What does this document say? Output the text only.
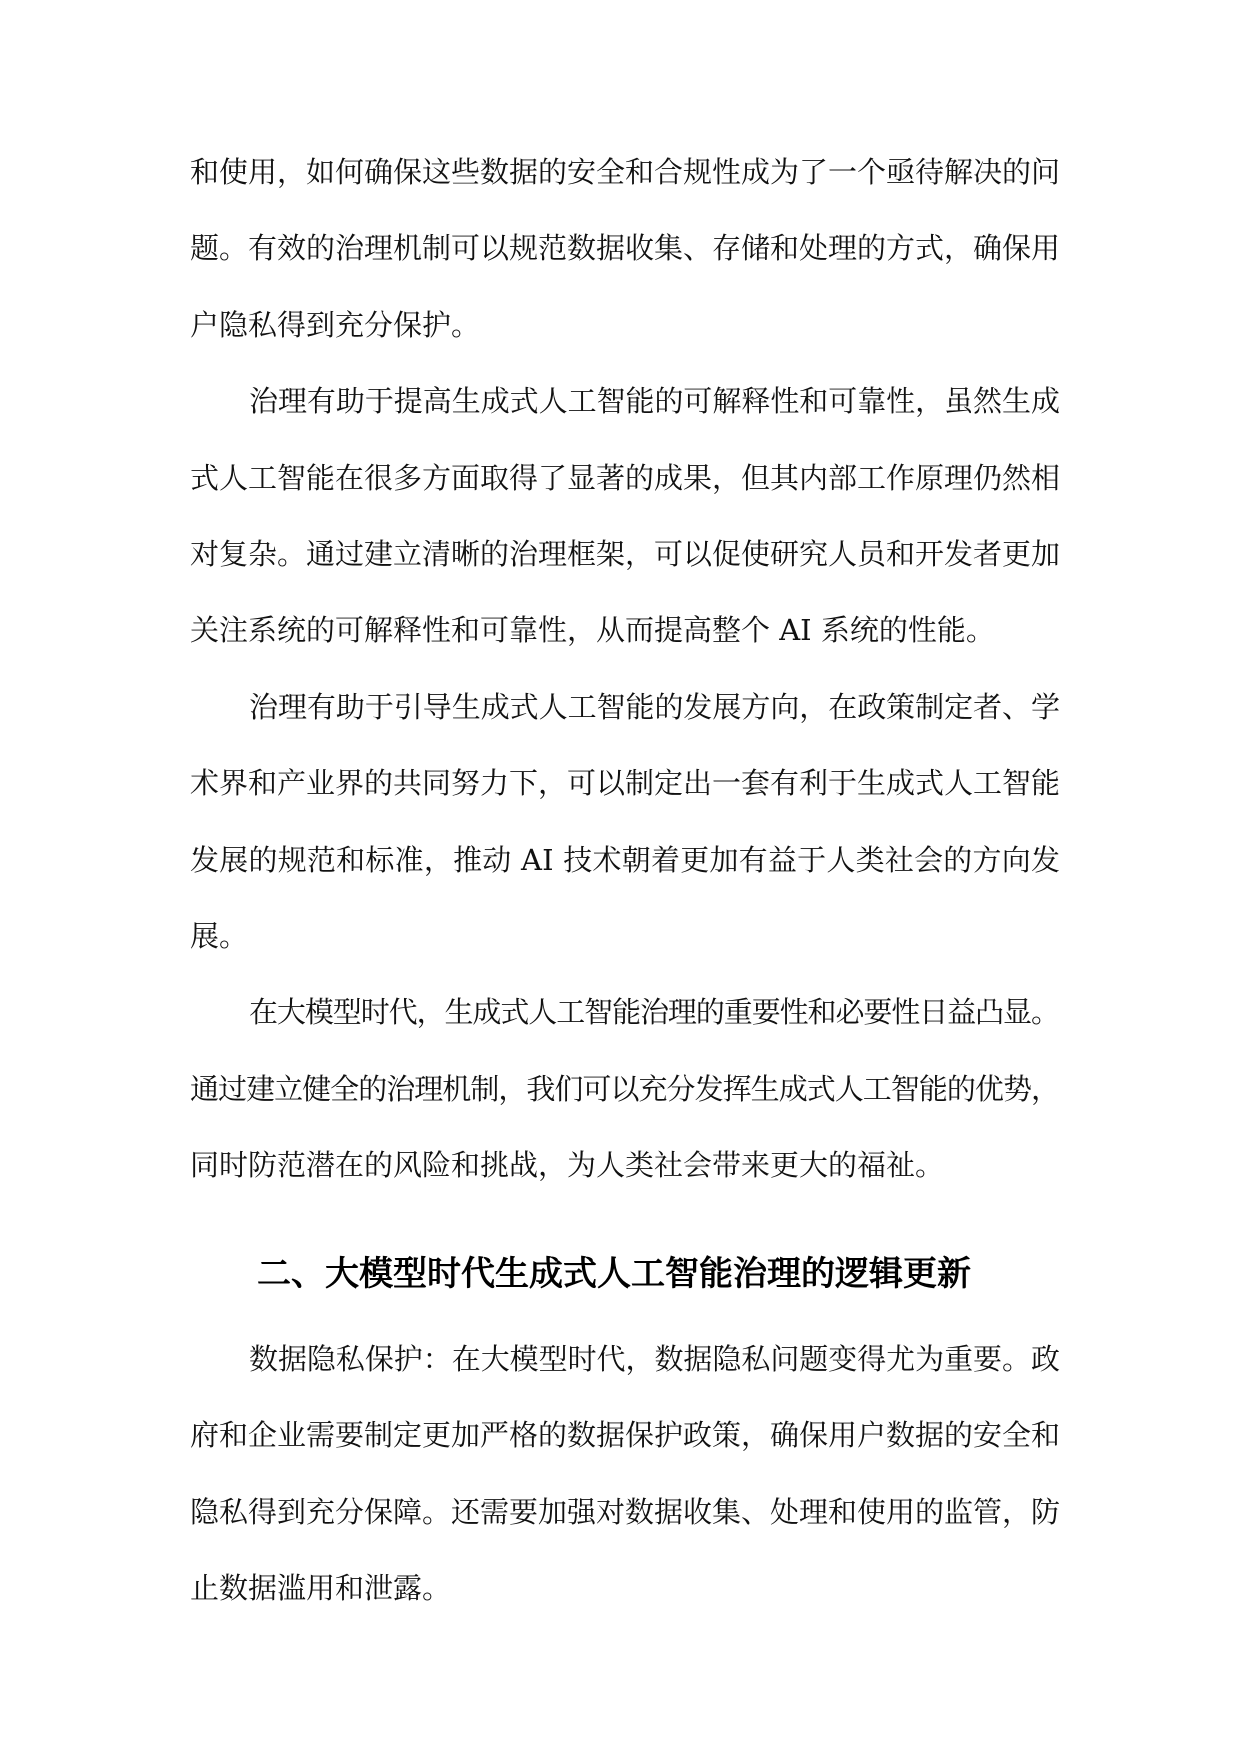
和使用，如何确保这些数据的安全和合规性成为了一个亟待解决的问
题。有效的治理机制可以规范数据收集、存储和处理的方式，确保用
户隐私得到充分保护。
治理有助于提高生成式人工智能的可解释性和可靠性，虽然生成
式人工智能在很多方面取得了显著的成果，但其内部工作原理仍然相
对复杂。通过建立清晰的治理框架，可以促使研究人员和开发者更加
关注系统的可解释性和可靠性，从而提高整个 AI 系统的性能。
治理有助于引导生成式人工智能的发展方向，在政策制定者、学
术界和产业界的共同努力下，可以制定出一套有利于生成式人工智能
发展的规范和标准，推动 AI 技术朝着更加有益于人类社会的方向发
展。
在大模型时代，生成式人工智能治理的重要性和必要性日益凸显。
通过建立健全的治理机制，我们可以充分发挥生成式人工智能的优势，
同时防范潜在的风险和挑战，为人类社会带来更大的福祉。
二、大模型时代生成式人工智能治理的逻辑更新
数据隐私保护：在大模型时代，数据隐私问题变得尤为重要。政
府和企业需要制定更加严格的数据保护政策，确保用户数据的安全和
隐私得到充分保障。还需要加强对数据收集、处理和使用的监管，防
止数据滥用和泄露。
